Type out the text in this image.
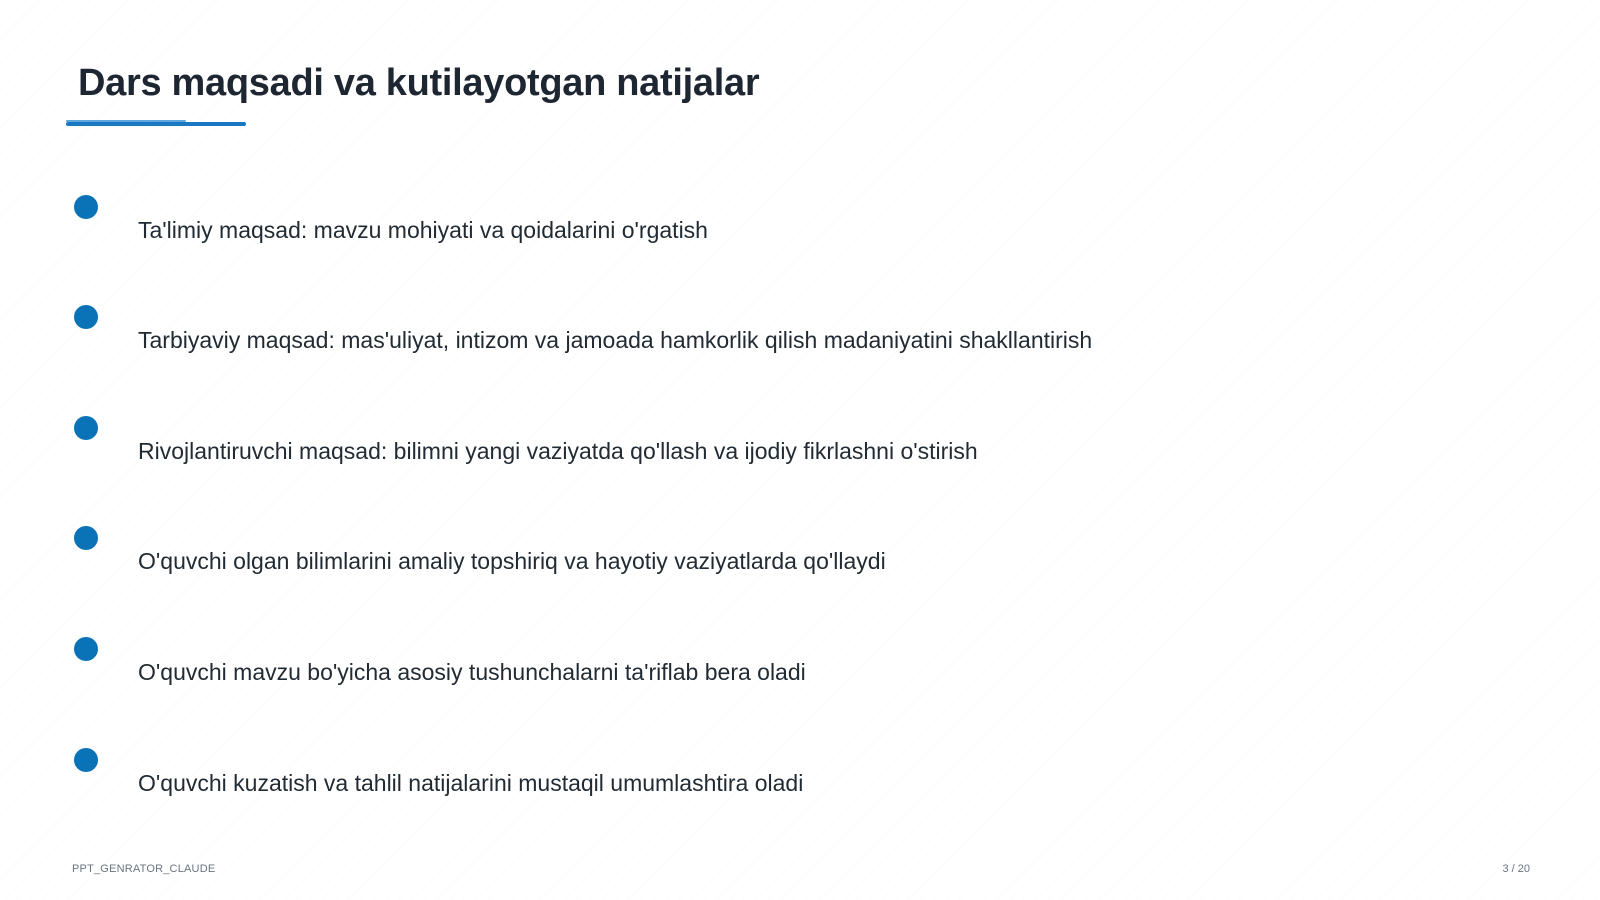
Dars maqsadi va kutilayotgan natijalar
Ta'limiy maqsad: mavzu mohiyati va qoidalarini o'rgatish
Tarbiyaviy maqsad: mas'uliyat, intizom va jamoada hamkorlik qilish madaniyatini shakllantirish
Rivojlantiruvchi maqsad: bilimni yangi vaziyatda qo'llash va ijodiy fikrlashni o'stirish
O'quvchi olgan bilimlarini amaliy topshiriq va hayotiy vaziyatlarda qo'llaydi
O'quvchi mavzu bo'yicha asosiy tushunchalarni ta'riflab bera oladi
O'quvchi kuzatish va tahlil natijalarini mustaqil umumlashtira oladi
PPT_GENRATOR_CLAUDE	3 / 20
